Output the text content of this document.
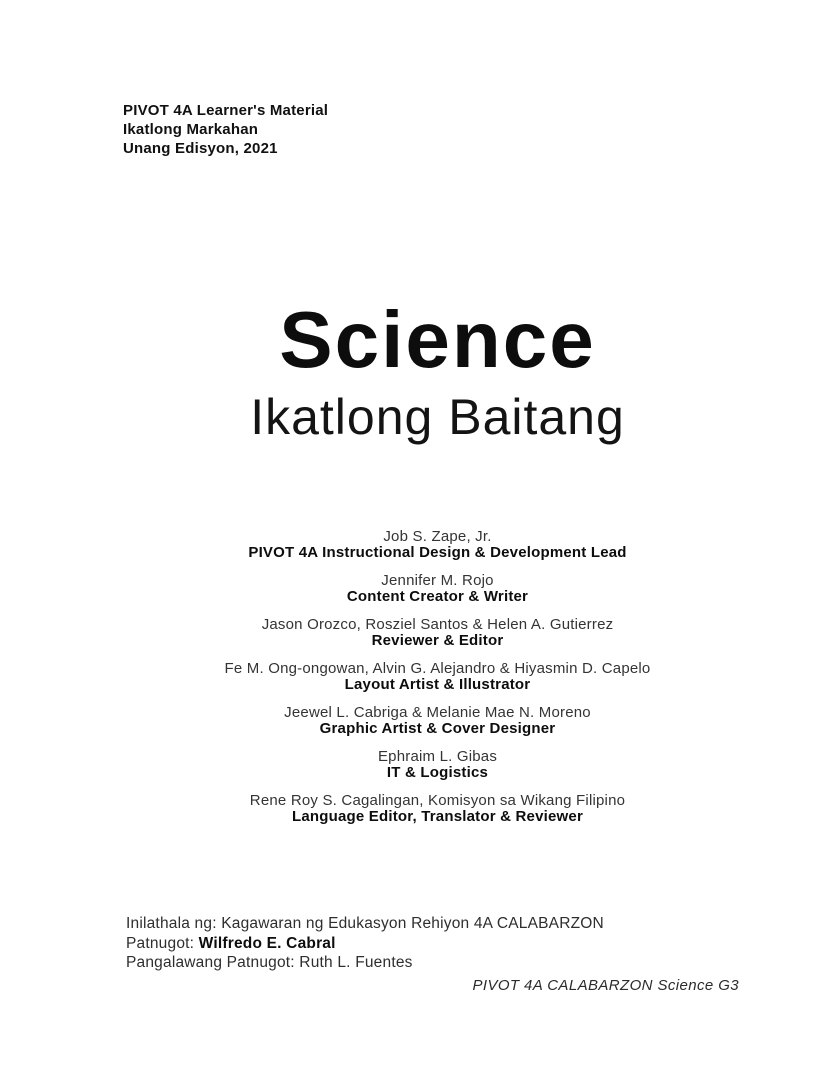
PIVOT 4A Learner's Material
Ikatlong Markahan
Unang Edisyon, 2021
Science
Ikatlong Baitang
Job S. Zape, Jr.
PIVOT 4A Instructional Design & Development Lead
Jennifer M. Rojo
Content Creator & Writer
Jason Orozco, Rosziel Santos & Helen A. Gutierrez
Reviewer & Editor
Fe M. Ong-ongowan, Alvin G. Alejandro & Hiyasmin D. Capelo
Layout Artist & Illustrator
Jeewel L. Cabriga & Melanie Mae N. Moreno
Graphic Artist & Cover Designer
Ephraim L. Gibas
IT & Logistics
Rene Roy S. Cagalingan, Komisyon sa Wikang Filipino
Language Editor, Translator & Reviewer
Inilathala ng: Kagawaran ng Edukasyon Rehiyon 4A CALABARZON
Patnugot: Wilfredo E. Cabral
Pangalawang Patnugot: Ruth L. Fuentes
PIVOT 4A CALABARZON Science G3
